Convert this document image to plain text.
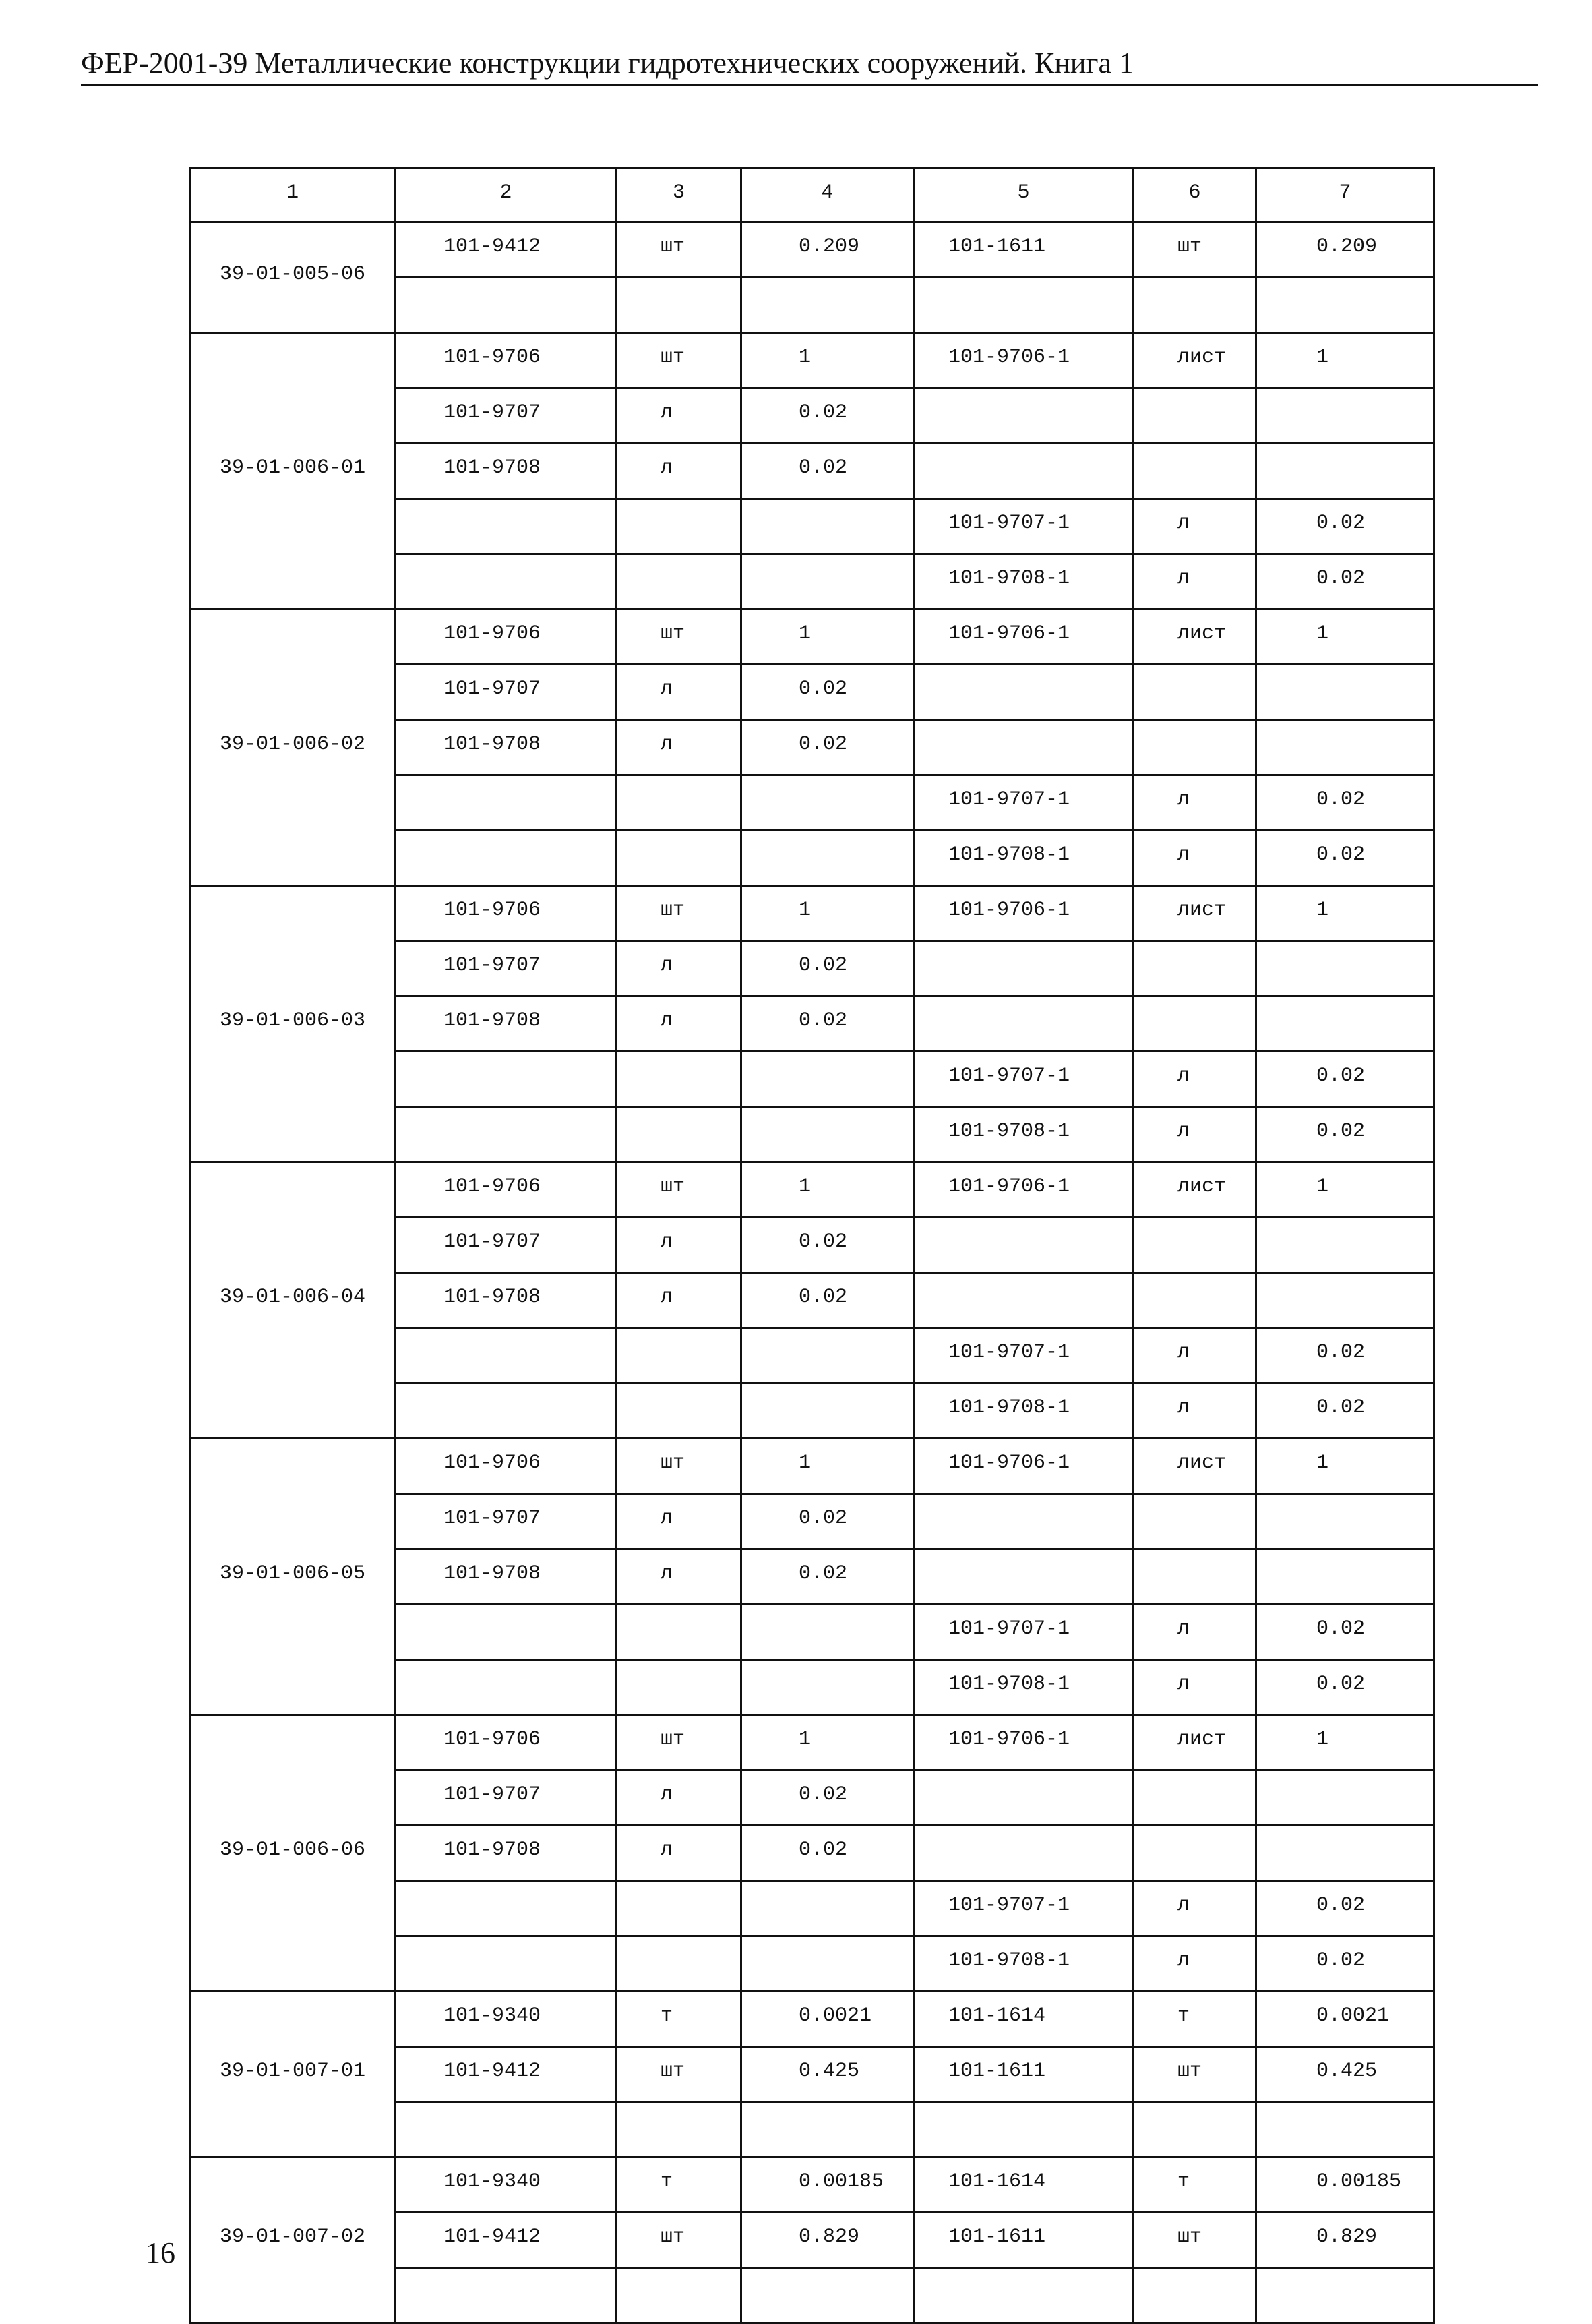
ФЕР-2001-39 Металлические конструкции гидротехнических сооружений. Книга 1
1	2	3	4	5	6	7

39-01-005-06	101-9412	шт	0.209	101-1611	шт	0.209

39-01-006-01	101-9706	шт	1	101-9706-1	лист	1
	101-9707	л	0.02			
	101-9708	л	0.02			
				101-9707-1	л	0.02
				101-9708-1	л	0.02

39-01-006-02	101-9706	шт	1	101-9706-1	лист	1
	101-9707	л	0.02			
	101-9708	л	0.02			
				101-9707-1	л	0.02
				101-9708-1	л	0.02

39-01-006-03	101-9706	шт	1	101-9706-1	лист	1
	101-9707	л	0.02			
	101-9708	л	0.02			
				101-9707-1	л	0.02
				101-9708-1	л	0.02

39-01-006-04	101-9706	шт	1	101-9706-1	лист	1
	101-9707	л	0.02			
	101-9708	л	0.02			
				101-9707-1	л	0.02
				101-9708-1	л	0.02

39-01-006-05	101-9706	шт	1	101-9706-1	лист	1
	101-9707	л	0.02			
	101-9708	л	0.02			
				101-9707-1	л	0.02
				101-9708-1	л	0.02

39-01-006-06	101-9706	шт	1	101-9706-1	лист	1
	101-9707	л	0.02			
	101-9708	л	0.02			
				101-9707-1	л	0.02
				101-9708-1	л	0.02

39-01-007-01	101-9340	т	0.0021	101-1614	т	0.0021
	101-9412	шт	0.425	101-1611	шт	0.425

39-01-007-02	101-9340	т	0.00185	101-1614	т	0.00185
	101-9412	шт	0.829	101-1611	шт	0.829

16
